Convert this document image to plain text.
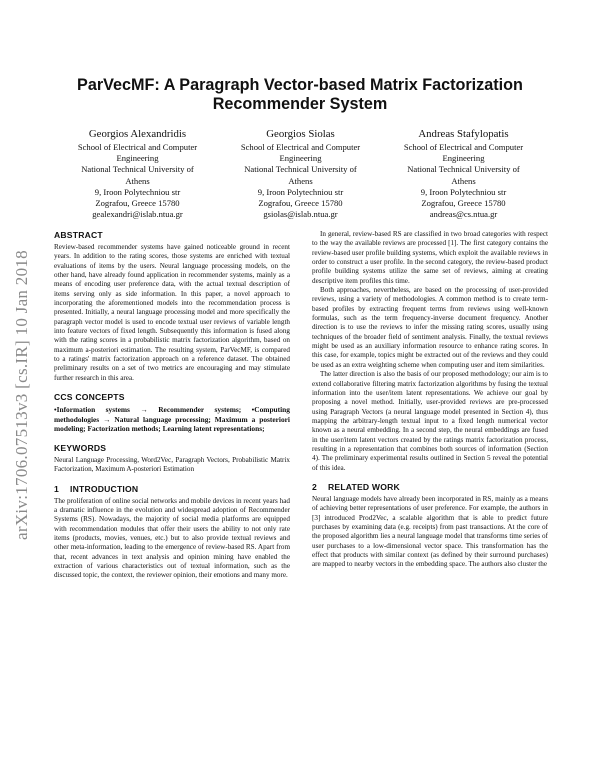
arXiv:1706.07513v3 [cs.IR] 10 Jan 2018
ParVecMF: A Paragraph Vector-based Matrix Factorization Recommender System
Georgios Alexandridis
School of Electrical and Computer
Engineering
National Technical University of
Athens
9, Iroon Polytechniou str
Zografou, Greece 15780
gealexandri@islab.ntua.gr
Georgios Siolas
School of Electrical and Computer
Engineering
National Technical University of
Athens
9, Iroon Polytechniou str
Zografou, Greece 15780
gsiolas@islab.ntua.gr
Andreas Stafylopatis
School of Electrical and Computer
Engineering
National Technical University of
Athens
9, Iroon Polytechniou str
Zografou, Greece 15780
andreas@cs.ntua.gr
ABSTRACT

Review-based recommender systems have gained noticeable ground in recent years. In addition to the rating scores, those systems are enriched with textual evaluations of items by the users. Neural language processing models, on the other hand, have already found application in recommender systems, mainly as a means of encoding user preference data, with the actual textual description of items serving only as side information. In this paper, a novel approach to incorporating the aforementioned models into the recommendation process is presented. Initially, a neural language processing model and more specifically the paragraph vector model is used to encode textual user reviews of variable length into feature vectors of fixed length. Subsequently this information is fused along with the rating scores in a probabilistic matrix factorization algorithm, based on maximum a-posteriori estimation. The resulting system, ParVecMF, is compared to a ratings' matrix factorization approach on a reference dataset. The obtained preliminary results on a set of two metrics are encouraging and may stimulate further research in this area.

CCS CONCEPTS

•Information systems → Recommender systems; •Computing methodologies → Natural language processing; Maximum a posteriori modeling; Factorization methods; Learning latent representations;

KEYWORDS

Neural Language Processing, Word2Vec, Paragraph Vectors, Probabilistic Matrix Factorization, Maximum A-posteriori Estimation

1 INTRODUCTION

The proliferation of online social networks and mobile devices in recent years had a dramatic influence in the evolution and widespread adoption of Recommender Systems (RS). Nowadays, the majority of social media platforms are equipped with recommendation modules that offer their users the ability to not only rate items (products, movies, venues, etc.) but to also provide textual reviews and other meta-information, leading to the emergence of review-based RS. Apart from that, recent advances in text analysis and opinion mining have enabled the extraction of various characteristics out of textual information, such as the discussed topic, the context, the reviewer opinion, their emotions and many more.

In general, review-based RS are classified in two broad categories with respect to the way the available reviews are processed [1]. The first category contains the review-based user profile building systems, which exploit the available reviews in order to construct a user profile. In the second category, the review-based product profile building systems utilize the same set of reviews, aiming at creating descriptive item profiles this time.

Both approaches, nevertheless, are based on the processing of user-provided reviews, using a variety of methodologies. A common method is to create term-based profiles by extracting frequent terms from reviews using well-known formulas, such as the term frequency-inverse document frequency. Another direction is to use the reviews to infer the missing rating scores, usually using techniques of the broader field of sentiment analysis. Finally, the textual reviews might be used as an auxiliary information resource to enhance rating scores. In this case, for example, topics might be extracted out of the reviews and they could be used as an extra weighting scheme when computing user and item similarities.

The latter direction is also the basis of our proposed methodology; our aim is to extend collaborative filtering matrix factorization algorithms by fusing the textual information into the user/item latent representations. We achieve our goal by proposing a novel method. Initially, user-provided reviews are pre-processed using Paragraph Vectors (a neural language model presented in Section 4), thus mapping the arbitrary-length textual input to a fixed length numerical vector known as a neural embedding. In a second step, the neural embeddings are fused in the user/item latent vectors created by the ratings matrix factorization process, resulting in a representation that combines both sources of information (Section 4). The preliminary experimental results outlined in Section 5 reveal the potential of this idea.

2 RELATED WORK

Neural language models have already been incorporated in RS, mainly as a means of achieving better representations of user preference. For example, the authors in [3] introduced Prod2Vec, a scalable algorithm that is able to predict future purchases by examining data (e.g. receipts) from past transactions. At the core of the proposed algorithm lies a neural language model that transforms time series of user purchases to a low-dimensional vector space. This transformation has the effect that products with similar context (as defined by their surround purchases) are mapped to nearby vectors in the embedding space. The authors also cluster the
